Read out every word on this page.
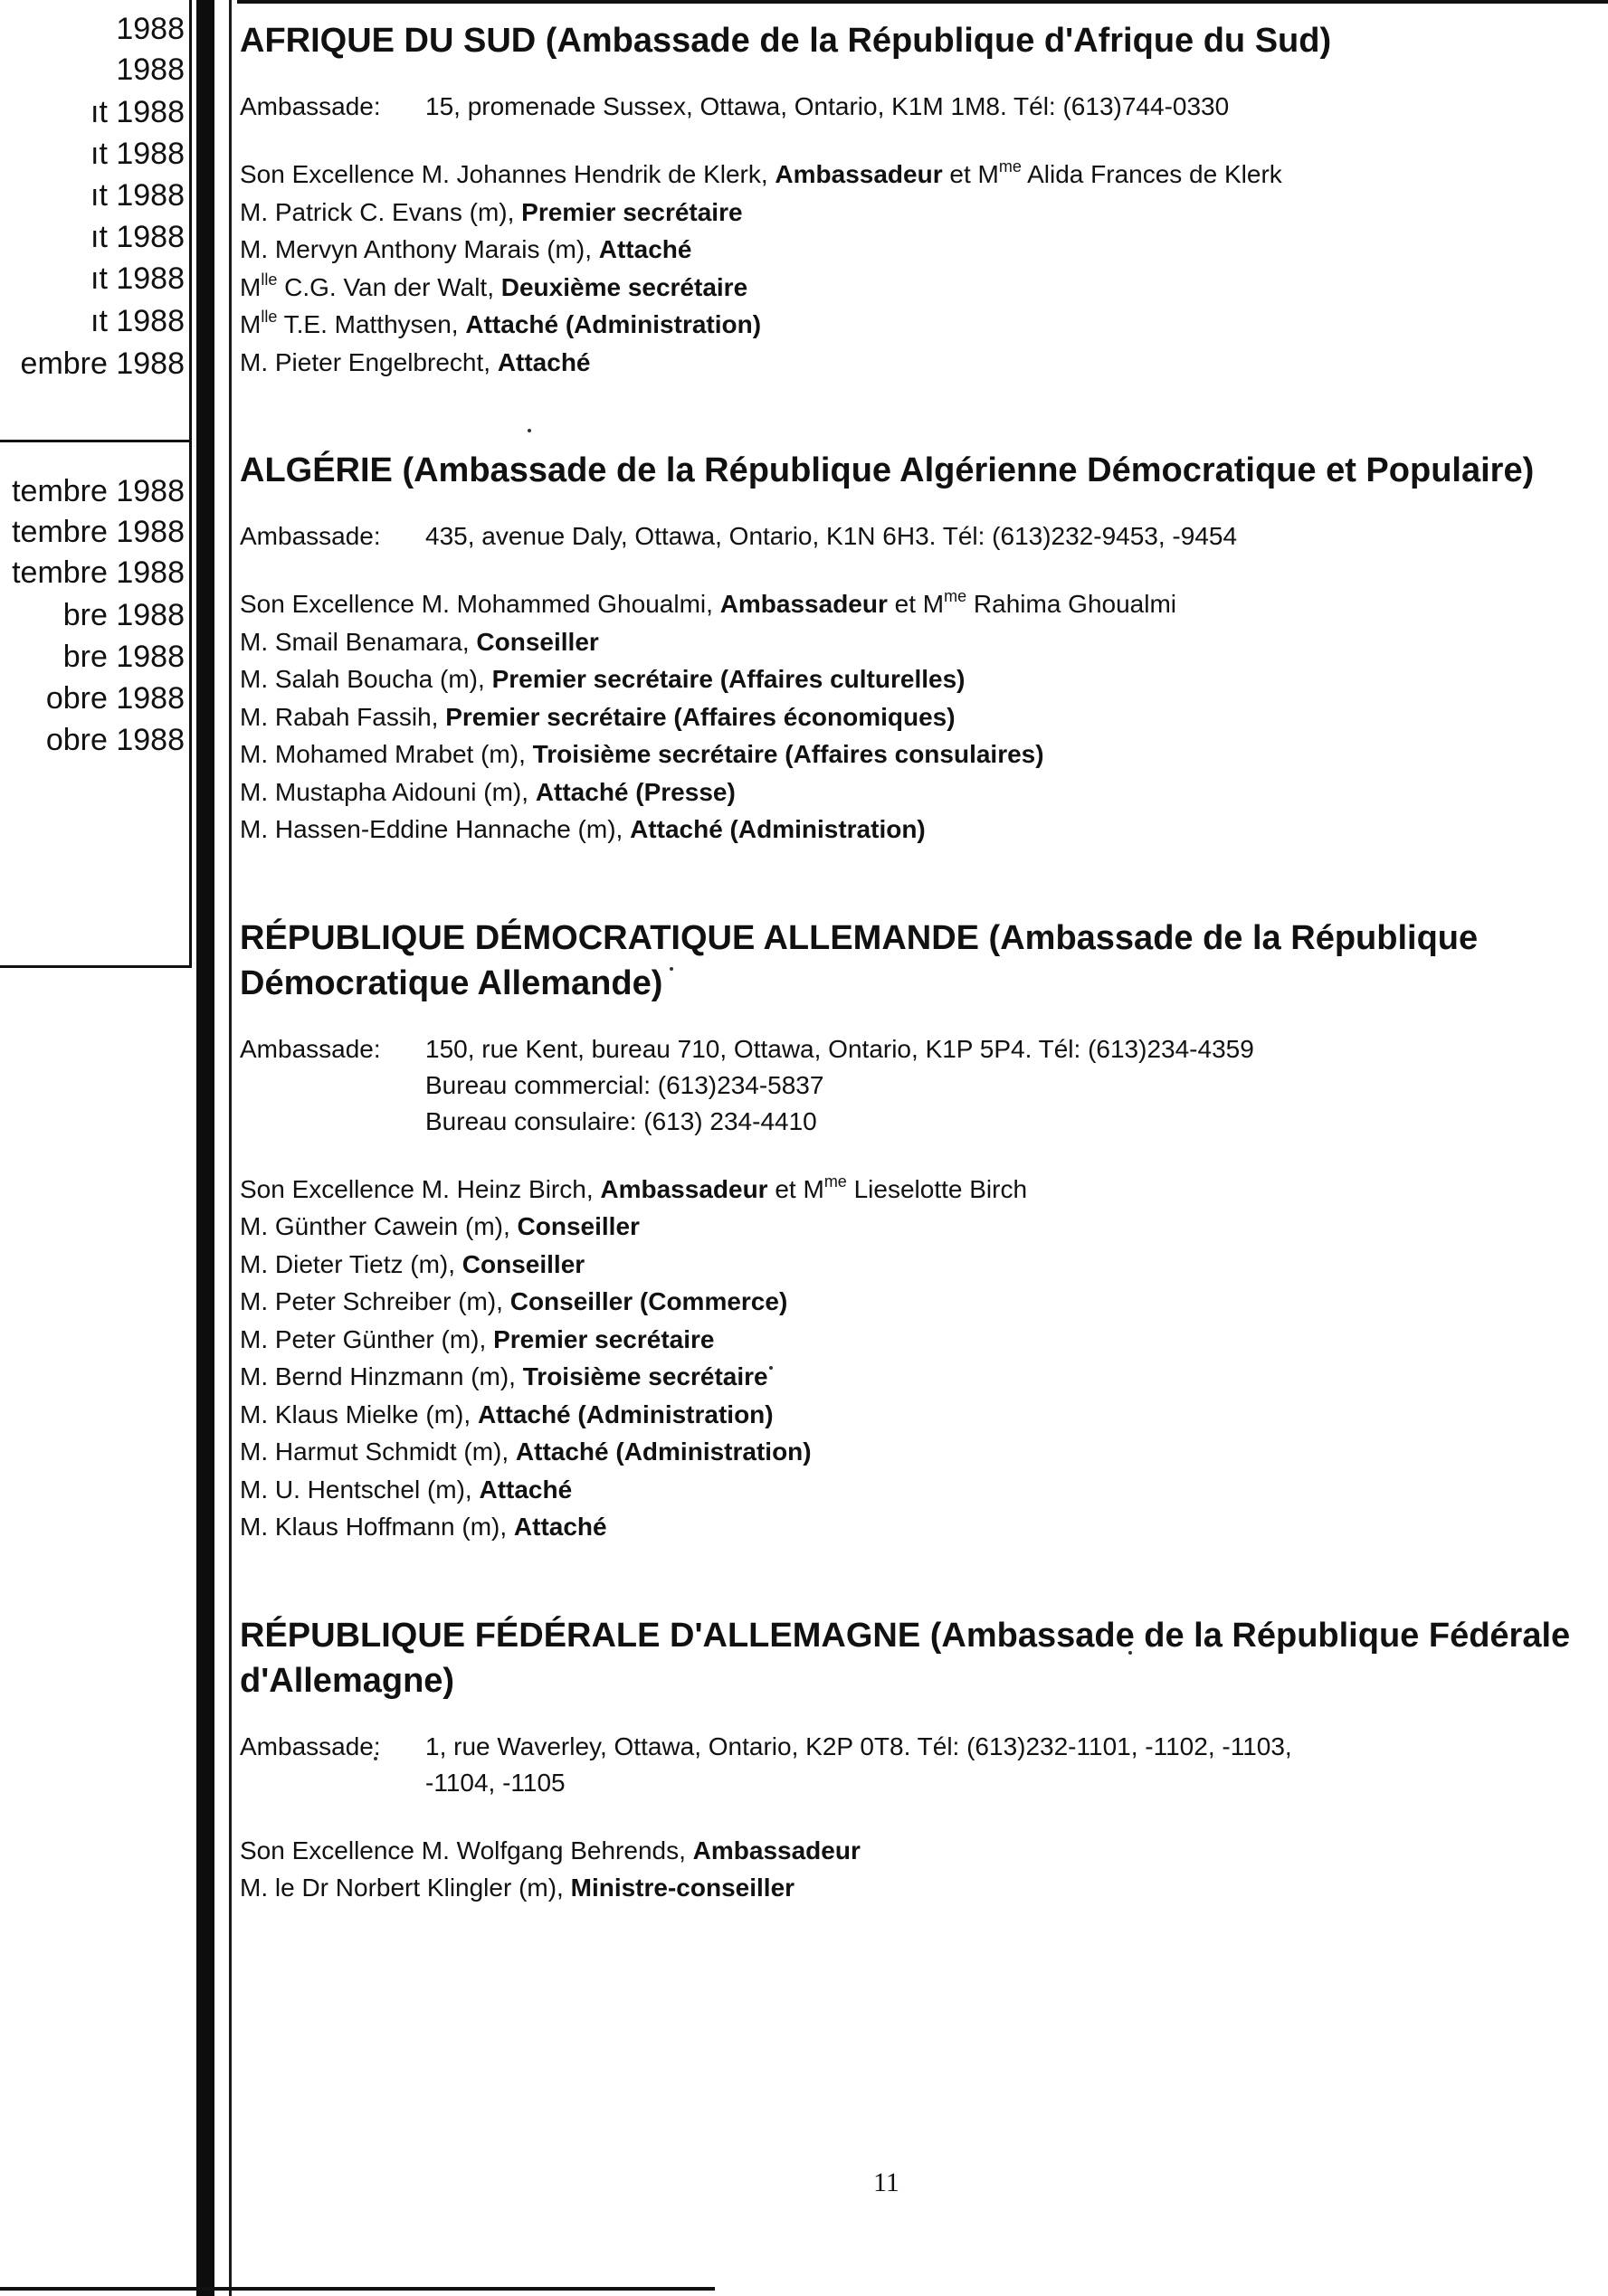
1988
1988
ıt 1988
ıt 1988
ıt 1988
ıt 1988
ıt 1988
ıt 1988
embre 1988
tembre 1988
tembre 1988
tembre 1988
bre 1988
bre 1988
obre 1988
obre 1988
AFRIQUE DU SUD (Ambassade de la République d'Afrique du Sud)
Ambassade:	15, promenade Sussex, Ottawa, Ontario, K1M 1M8. Tél: (613)744-0330
Son Excellence M. Johannes Hendrik de Klerk, Ambassadeur et $M^{me}$ Alida Frances de Klerk
M. Patrick C. Evans (m), Premier secrétaire
M. Mervyn Anthony Marais (m), Attaché
$M^{lle}$ C.G. Van der Walt, Deuxième secrétaire
$M^{lle}$ T.E. Matthysen, Attaché (Administration)
M. Pieter Engelbrecht, Attaché
ALGÉRIE (Ambassade de la République Algérienne Démocratique et Populaire)
Ambassade:	435, avenue Daly, Ottawa, Ontario, K1N 6H3. Tél: (613)232-9453, -9454
Son Excellence M. Mohammed Ghoualmi, Ambassadeur et $M^{me}$ Rahima Ghoualmi
M. Smail Benamara, Conseiller
M. Salah Boucha (m), Premier secrétaire (Affaires culturelles)
M. Rabah Fassih, Premier secrétaire (Affaires économiques)
M. Mohamed Mrabet (m), Troisième secrétaire (Affaires consulaires)
M. Mustapha Aidouni (m), Attaché (Presse)
M. Hassen-Eddine Hannache (m), Attaché (Administration)
RÉPUBLIQUE DÉMOCRATIQUE ALLEMANDE (Ambassade de la République Démocratique Allemande)
Ambassade:	150, rue Kent, bureau 710, Ottawa, Ontario, K1P 5P4. Tél: (613)234-4359
Bureau commercial: (613)234-5837
Bureau consulaire: (613) 234-4410
Son Excellence M. Heinz Birch, Ambassadeur et $M^{me}$ Lieselotte Birch
M. Günther Cawein (m), Conseiller
M. Dieter Tietz (m), Conseiller
M. Peter Schreiber (m), Conseiller (Commerce)
M. Peter Günther (m), Premier secrétaire
M. Bernd Hinzmann (m), Troisième secrétaire
M. Klaus Mielke (m), Attaché (Administration)
M. Harmut Schmidt (m), Attaché (Administration)
M. U. Hentschel (m), Attaché
M. Klaus Hoffmann (m), Attaché
RÉPUBLIQUE FÉDÉRALE D'ALLEMAGNE (Ambassade de la République Fédérale d'Allemagne)
Ambassade:	1, rue Waverley, Ottawa, Ontario, K2P 0T8. Tél: (613)232-1101, -1102, -1103,
-1104, -1105
Son Excellence M. Wolfgang Behrends, Ambassadeur
M. le Dr Norbert Klingler (m), Ministre-conseiller
11
